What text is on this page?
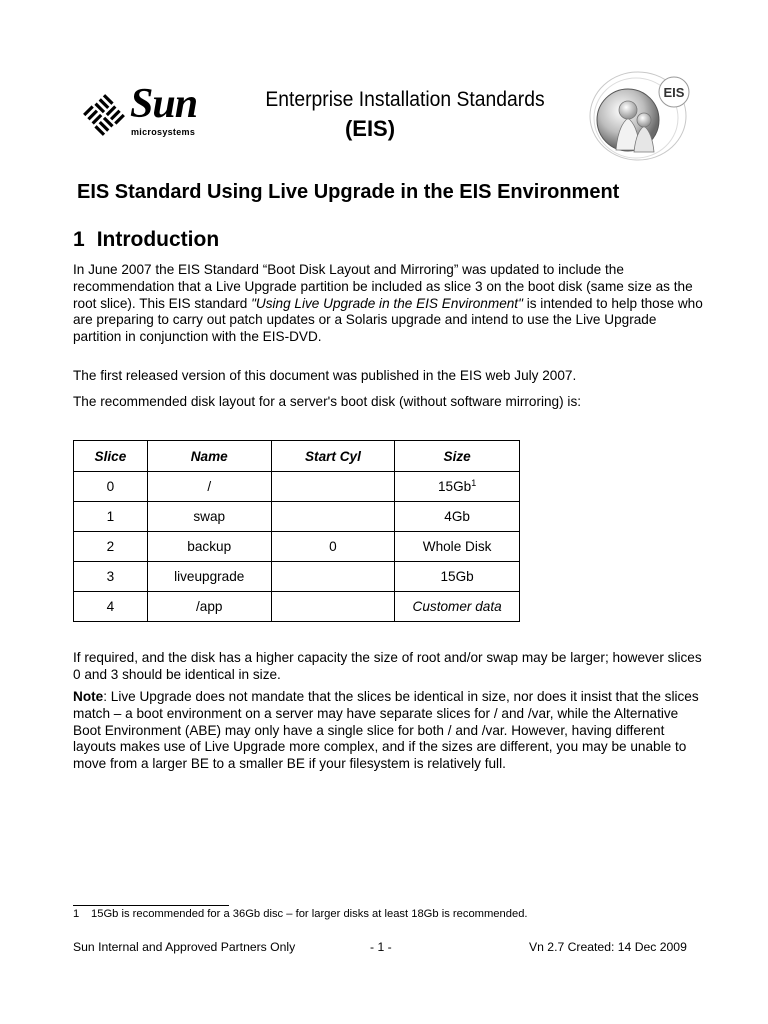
Sun
microsystems
Enterprise Installation Standards
(EIS)
EIS
EIS Standard Using Live Upgrade in the EIS Environment
1 Introduction
In June 2007 the EIS Standard “Boot Disk Layout and Mirroring” was updated to include the recommendation that a Live Upgrade partition be included as slice 3 on the boot disk (same size as the root slice). This EIS standard "Using Live Upgrade in the EIS Environment" is intended to help those who are preparing to carry out patch updates or a Solaris upgrade and intend to use the Live Upgrade partition in conjunction with the EIS-DVD.
The first released version of this document was published in the EIS web July 2007.
The recommended disk layout for a server's boot disk (without software mirroring) is:
Slice	Name	Start Cyl	Size
0	/		15Gb$^1$
1	swap		4Gb
2	backup	0	Whole Disk
3	liveupgrade		15Gb
4	/app		Customer data
If required, and the disk has a higher capacity the size of root and/or swap may be larger; however slices 0 and 3 should be identical in size.
Note: Live Upgrade does not mandate that the slices be identical in size, nor does it insist that the slices match – a boot environment on a server may have separate slices for / and /var, while the Alternative Boot Environment (ABE) may only have a single slice for both / and /var. However, having different layouts makes use of Live Upgrade more complex, and if the sizes are different, you may be unable to move from a larger BE to a smaller BE if your filesystem is relatively full.
1 15Gb is recommended for a 36Gb disc – for larger disks at least 18Gb is recommended.
Sun Internal and Approved Partners Only	- 1 -	Vn 2.7 Created: 14 Dec 2009
